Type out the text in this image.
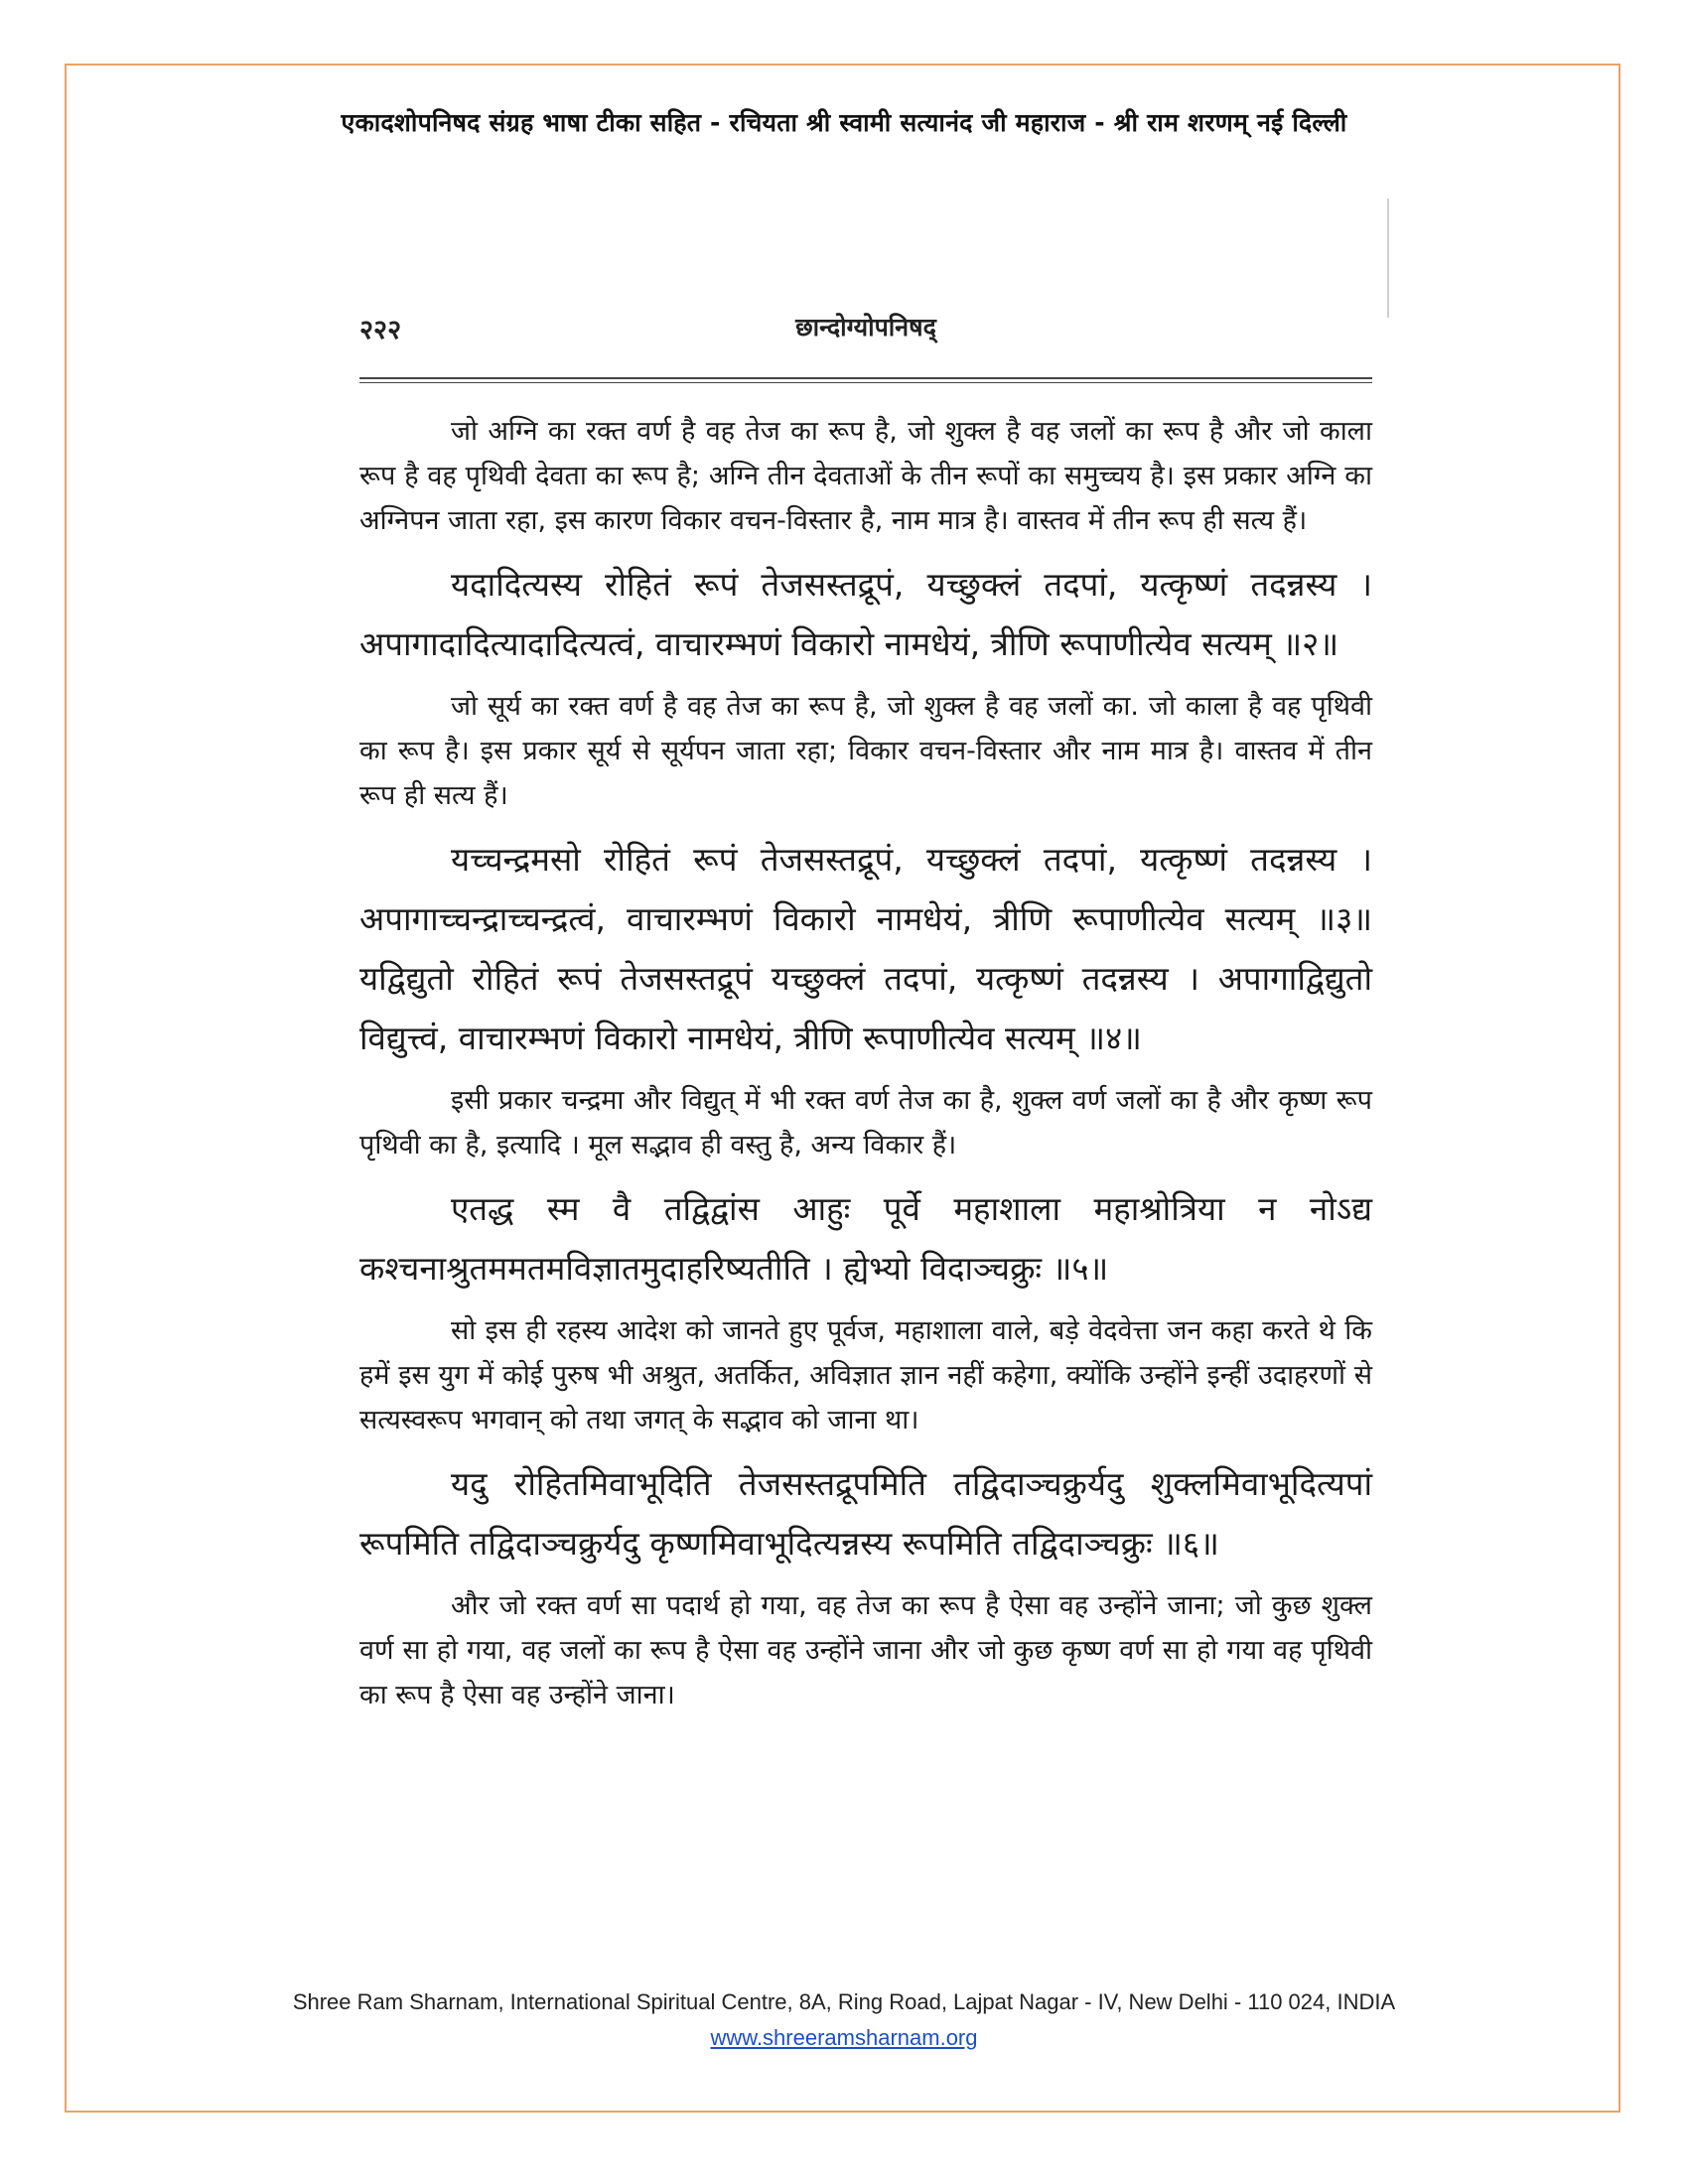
एकादशोपनिषद संग्रह भाषा टीका सहित - रचियता श्री स्वामी सत्यानंद जी महाराज - श्री राम शरणम् नई दिल्ली
२२२	छान्दोग्योपनिषद्

जो अग्नि का रक्त वर्ण है वह तेज का रूप है, जो शुक्ल है वह जलों का रूप है और जो काला रूप है वह पृथिवी देवता का रूप है; अग्नि तीन देवताओं के तीन रूपों का समुच्चय है। इस प्रकार अग्नि का अग्निपन जाता रहा, इस कारण विकार वचन-विस्तार है, नाम मात्र है। वास्तव में तीन रूप ही सत्य हैं।

यदादित्यस्य रोहितं रूपं तेजसस्तद्रूपं, यच्छुक्लं तदपां, यत्कृष्णं तदन्नस्य । अपागादादित्यादादित्यत्वं, वाचारम्भणं विकारो नामधेयं, त्रीणि रूपाणीत्येव सत्यम् ॥२॥

जो सूर्य का रक्त वर्ण है वह तेज का रूप है, जो शुक्ल है वह जलों का. जो काला है वह पृथिवी का रूप है। इस प्रकार सूर्य से सूर्यपन जाता रहा; विकार वचन-विस्तार और नाम मात्र है। वास्तव में तीन रूप ही सत्य हैं।

यच्चन्द्रमसो रोहितं रूपं तेजसस्तद्रूपं, यच्छुक्लं तदपां, यत्कृष्णं तदन्नस्य । अपागाच्चन्द्राच्चन्द्रत्वं, वाचारम्भणं विकारो नामधेयं, त्रीणि रूपाणीत्येव सत्यम् ॥३॥ यद्विद्युतो रोहितं रूपं तेजसस्तद्रूपं यच्छुक्लं तदपां, यत्कृष्णं तदन्नस्य । अपागाद्विद्युतो विद्युत्त्वं, वाचारम्भणं विकारो नामधेयं, त्रीणि रूपाणीत्येव सत्यम् ॥४॥

इसी प्रकार चन्द्रमा और विद्युत् में भी रक्त वर्ण तेज का है, शुक्ल वर्ण जलों का है और कृष्ण रूप पृथिवी का है, इत्यादि । मूल सद्भाव ही वस्तु है, अन्य विकार हैं।

एतद्ध स्म वै तद्विद्वांस आहुः पूर्वे महाशाला महाश्रोत्रिया न नोऽद्य कश्चनाश्रुतममतमविज्ञातमुदाहरिष्यतीति । ह्येभ्यो विदाञ्चक्रुः ॥५॥

सो इस ही रहस्य आदेश को जानते हुए पूर्वज, महाशाला वाले, बड़े वेदवेत्ता जन कहा करते थे कि हमें इस युग में कोई पुरुष भी अश्रुत, अतर्कित, अविज्ञात ज्ञान नहीं कहेगा, क्योंकि उन्होंने इन्हीं उदाहरणों से सत्यस्वरूप भगवान् को तथा जगत् के सद्भाव को जाना था।

यदु रोहितमिवाभूदिति तेजसस्तद्रूपमिति तद्विदाञ्चक्रुर्यदु शुक्लमिवाभूदित्यपां रूपमिति तद्विदाञ्चक्रुर्यदु कृष्णमिवाभूदित्यन्नस्य रूपमिति तद्विदाञ्चक्रुः ॥६॥

और जो रक्त वर्ण सा पदार्थ हो गया, वह तेज का रूप है ऐसा वह उन्होंने जाना; जो कुछ शुक्ल वर्ण सा हो गया, वह जलों का रूप है ऐसा वह उन्होंने जाना और जो कुछ कृष्ण वर्ण सा हो गया वह पृथिवी का रूप है ऐसा वह उन्होंने जाना।

Shree Ram Sharnam, International Spiritual Centre, 8A, Ring Road, Lajpat Nagar - IV, New Delhi - 110 024, INDIA
www.shreeramsharnam.org
